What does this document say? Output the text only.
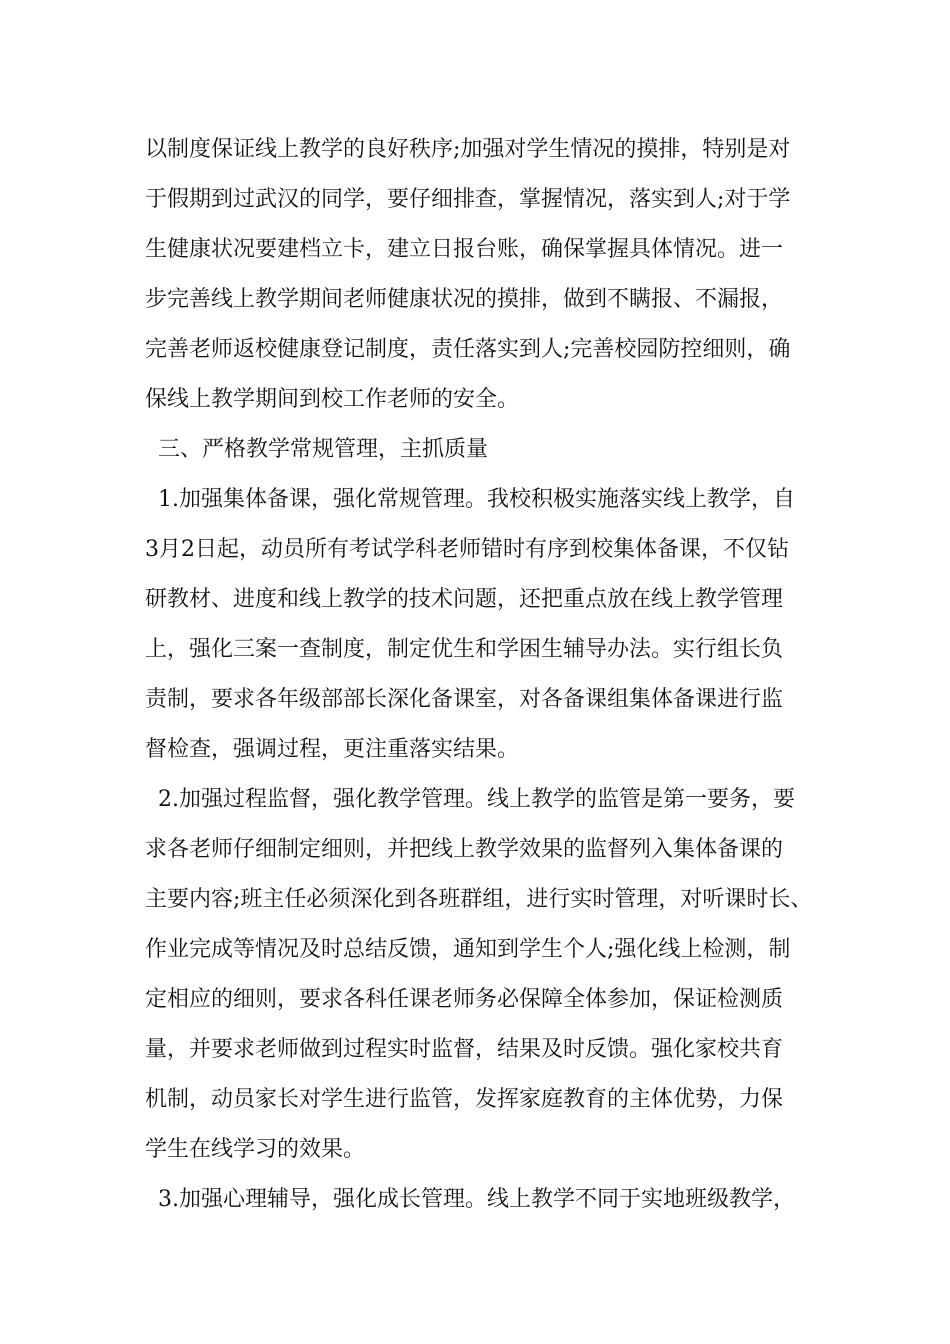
以制度保证线上教学的良好秩序;加强对学生情况的摸排，特别是对
于假期到过武汉的同学，要仔细排查，掌握情况，落实到人;对于学
生健康状况要建档立卡，建立日报台账，确保掌握具体情况。进一
步完善线上教学期间老师健康状况的摸排，做到不瞒报、不漏报，
完善老师返校健康登记制度，责任落实到人;完善校园防控细则，确
保线上教学期间到校工作老师的安全。
三、严格教学常规管理，主抓质量
1.加强集体备课，强化常规管理。我校积极实施落实线上教学，自
3月2日起，动员所有考试学科老师错时有序到校集体备课，不仅钻
研教材、进度和线上教学的技术问题，还把重点放在线上教学管理
上，强化三案一查制度，制定优生和学困生辅导办法。实行组长负
责制，要求各年级部部长深化备课室，对各备课组集体备课进行监
督检查，强调过程，更注重落实结果。
2.加强过程监督，强化教学管理。线上教学的监管是第一要务，要
求各老师仔细制定细则，并把线上教学效果的监督列入集体备课的
主要内容;班主任必须深化到各班群组，进行实时管理，对听课时长、
作业完成等情况及时总结反馈，通知到学生个人;强化线上检测，制
定相应的细则，要求各科任课老师务必保障全体参加，保证检测质
量，并要求老师做到过程实时监督，结果及时反馈。强化家校共育
机制，动员家长对学生进行监管，发挥家庭教育的主体优势，力保
学生在线学习的效果。
3.加强心理辅导，强化成长管理。线上教学不同于实地班级教学，
